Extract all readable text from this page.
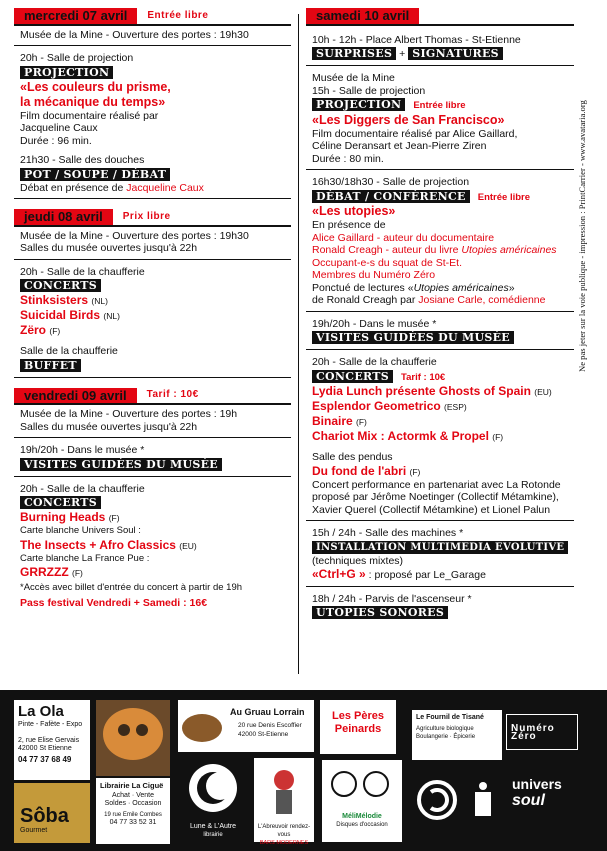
mercredi 07 avril	Entrée libre
Musée de la Mine - Ouverture des portes : 19h30
20h - Salle de projection
PROJECTION
«Les couleurs du prisme,
la mécanique du temps»
Film documentaire réalisé par
Jacqueline Caux
Durée : 96 min.
21h30 - Salle des douches
POT / SOUPE / DÉBAT
Débat en présence de Jacqueline Caux
jeudi 08 avril	Prix libre
Musée de la Mine - Ouverture des portes : 19h30
Salles du musée ouvertes jusqu'à 22h
20h - Salle de la chaufferie
CONCERTS
Stinksisters (NL)
Suicidal Birds (NL)
Zëro (F)
Salle de la chaufferie
BUFFET
vendredi 09 avril	Tarif : 10€
Musée de la Mine - Ouverture des portes : 19h
Salles du musée ouvertes jusqu'à 22h
19h/20h - Dans le musée *
VISITES GUIDÉES DU MUSÉE
20h - Salle de la chaufferie
CONCERTS
Burning Heads (F)
Carte blanche Univers Soul :
The Insects + Afro Classics (EU)
Carte blanche La France Pue :
GRRZZZ (F)
*Accès avec billet d'entrée du concert à partir de 19h
Pass festival Vendredi + Samedi : 16€
samedi 10 avril
10h - 12h - Place Albert Thomas - St-Etienne
SURPRISES + SIGNATURES
Musée de la Mine
15h - Salle de projection
PROJECTION Entrée libre
«Les Diggers de San Francisco»
Film documentaire réalisé par Alice Gaillard,
Céline Deransart et Jean-Pierre Ziren
Durée : 80 min.
16h30/18h30 - Salle de projection
DÉBAT / CONFÉRENCE Entrée libre
«Les utopies»
En présence de
Alice Gaillard - auteur du documentaire
Ronald Creagh - auteur du livre Utopies américaines
Occupant-e-s du squat de St-Et.
Membres du Numéro Zéro
Ponctué de lectures «Utopies américaines»
de Ronald Creagh par Josiane Carle, comédienne
19h/20h - Dans le musée *
VISITES GUIDÉES DU MUSÉE
20h - Salle de la chaufferie
CONCERTS Tarif : 10€
Lydia Lunch présente Ghosts of Spain (EU)
Esplendor Geometrico (ESP)
Binaire (F)
Chariot Mix : Actormk & Propel (F)
Salle des pendus
Du fond de l'abri (F)
Concert performance en partenariat avec La Rotonde
proposé par Jérôme Noetinger (Collectif Métamkine),
Xavier Querel (Collectif Métamkine) et Lionel Palun
15h / 24h - Salle des machines *
INSTALLATION MULTIMEDIA EVOLUTIVE
(techniques mixtes)
«Ctrl+G » : proposé par Le_Garage
18h / 24h - Parvis de l'ascenseur *
UTOPIES SONORES
Ne pas jeter sur la voie publique - impression : PrintCarrier - www.avataria.org
La Ola
Pinte - Fafète - Expo
2, rue Elise Gervais
42000 St Etienne
04 77 37 68 49
Sôba
Gourmet
Librairie La Ciguë
Achat · Vente
Soldes · Occasion
19 rue Emile Combes
04 77 33 52 31
Lune & L'Autre
librairie
Au Gruau Lorrain
20 rue Denis Escoffier
42000 St-Etienne
L'Abreuvoir rendez-vous
BARS MODERNES
Les Pères Peinards
MéliMélodie
Disques d'occasion
Le Fournil de Tisané
Agriculture biologique
Boulangerie · Épicerie
Numéro Zéro
univers
soul
